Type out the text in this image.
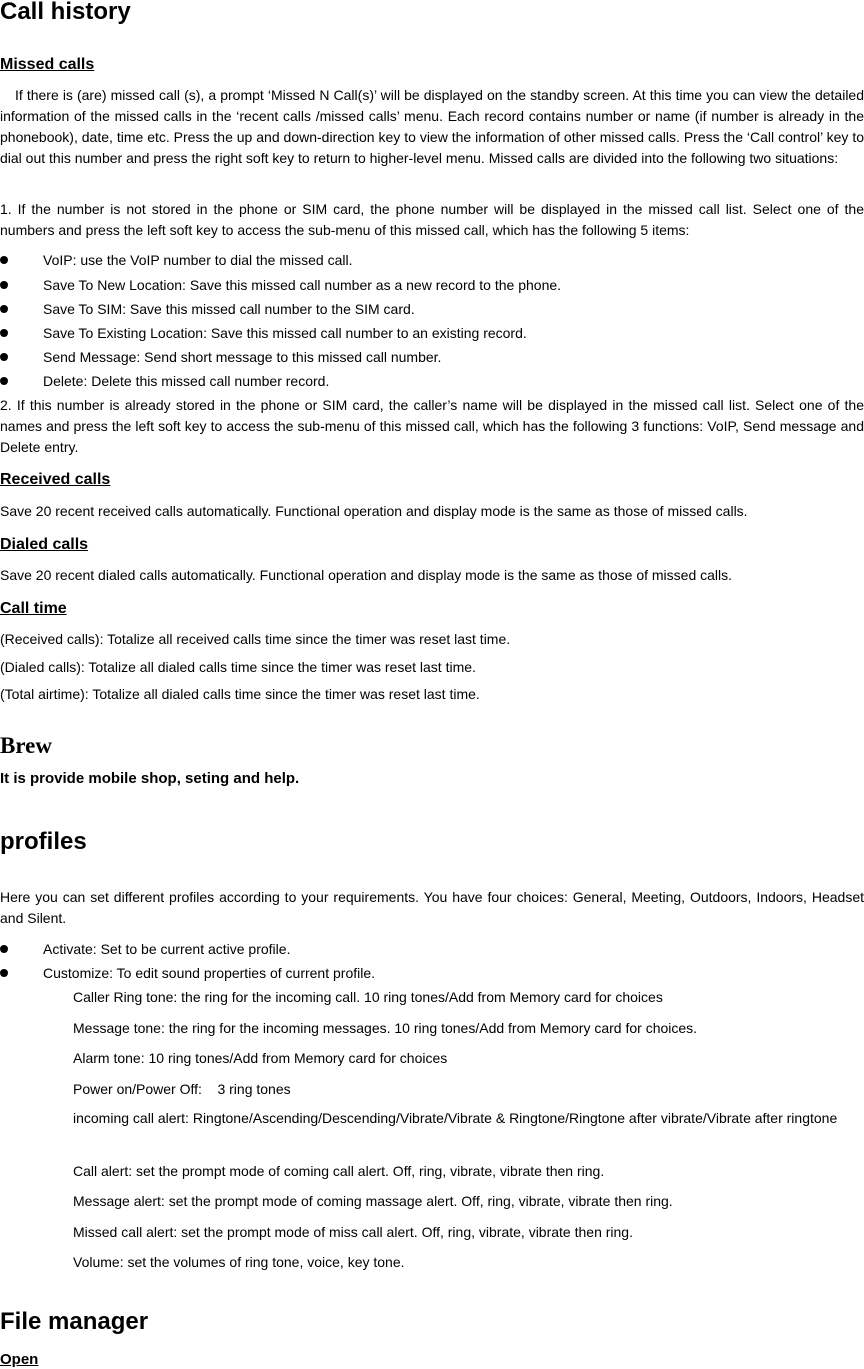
Call history
Missed calls

If there is (are) missed call (s), a prompt ‘Missed N Call(s)’ will be displayed on the standby screen. At this time you can view the detailed information of the missed calls in the ‘recent calls /missed calls’ menu. Each record contains number or name (if number is already in the phonebook), date, time etc. Press the up and down-direction key to view the information of other missed calls. Press the ‘Call control’ key to dial out this number and press the right soft key to return to higher-level menu. Missed calls are divided into the following two situations:

1. If the number is not stored in the phone or SIM card, the phone number will be displayed in the missed call list. Select one of the numbers and press the left soft key to access the sub-menu of this missed call, which has the following 5 items:

VoIP: use the VoIP number to dial the missed call.
Save To New Location: Save this missed call number as a new record to the phone.
Save To SIM: Save this missed call number to the SIM card.
Save To Existing Location: Save this missed call number to an existing record.
Send Message: Send short message to this missed call number.
Delete: Delete this missed call number record.

2. If this number is already stored in the phone or SIM card, the caller’s name will be displayed in the missed call list. Select one of the names and press the left soft key to access the sub-menu of this missed call, which has the following 3 functions: VoIP, Send message and Delete entry.

Received calls

Save 20 recent received calls automatically. Functional operation and display mode is the same as those of missed calls.

Dialed calls

Save 20 recent dialed calls automatically. Functional operation and display mode is the same as those of missed calls.

Call time

(Received calls): Totalize all received calls time since the timer was reset last time.

(Dialed calls): Totalize all dialed calls time since the timer was reset last time.

(Total airtime): Totalize all dialed calls time since the timer was reset last time.

Brew
It is provide mobile shop, seting and help.
profiles

Here you can set different profiles according to your requirements. You have four choices: General, Meeting, Outdoors, Indoors, Headset and Silent.

Activate: Set to be current active profile.
Customize: To edit sound properties of current profile.
Caller Ring tone: the ring for the incoming call. 10 ring tones/Add from Memory card for choices
Message tone: the ring for the incoming messages. 10 ring tones/Add from Memory card for choices.
Alarm tone: 10 ring tones/Add from Memory card for choices
Power on/Power Off:    3 ring tones
incoming call alert: Ringtone/Ascending/Descending/Vibrate/Vibrate & Ringtone/Ringtone after vibrate/Vibrate after ringtone
Call alert: set the prompt mode of coming call alert. Off, ring, vibrate, vibrate then ring.
Message alert: set the prompt mode of coming massage alert. Off, ring, vibrate, vibrate then ring.
Missed call alert: set the prompt mode of miss call alert. Off, ring, vibrate, vibrate then ring.
Volume: set the volumes of ring tone, voice, key tone.
File manager
Open
